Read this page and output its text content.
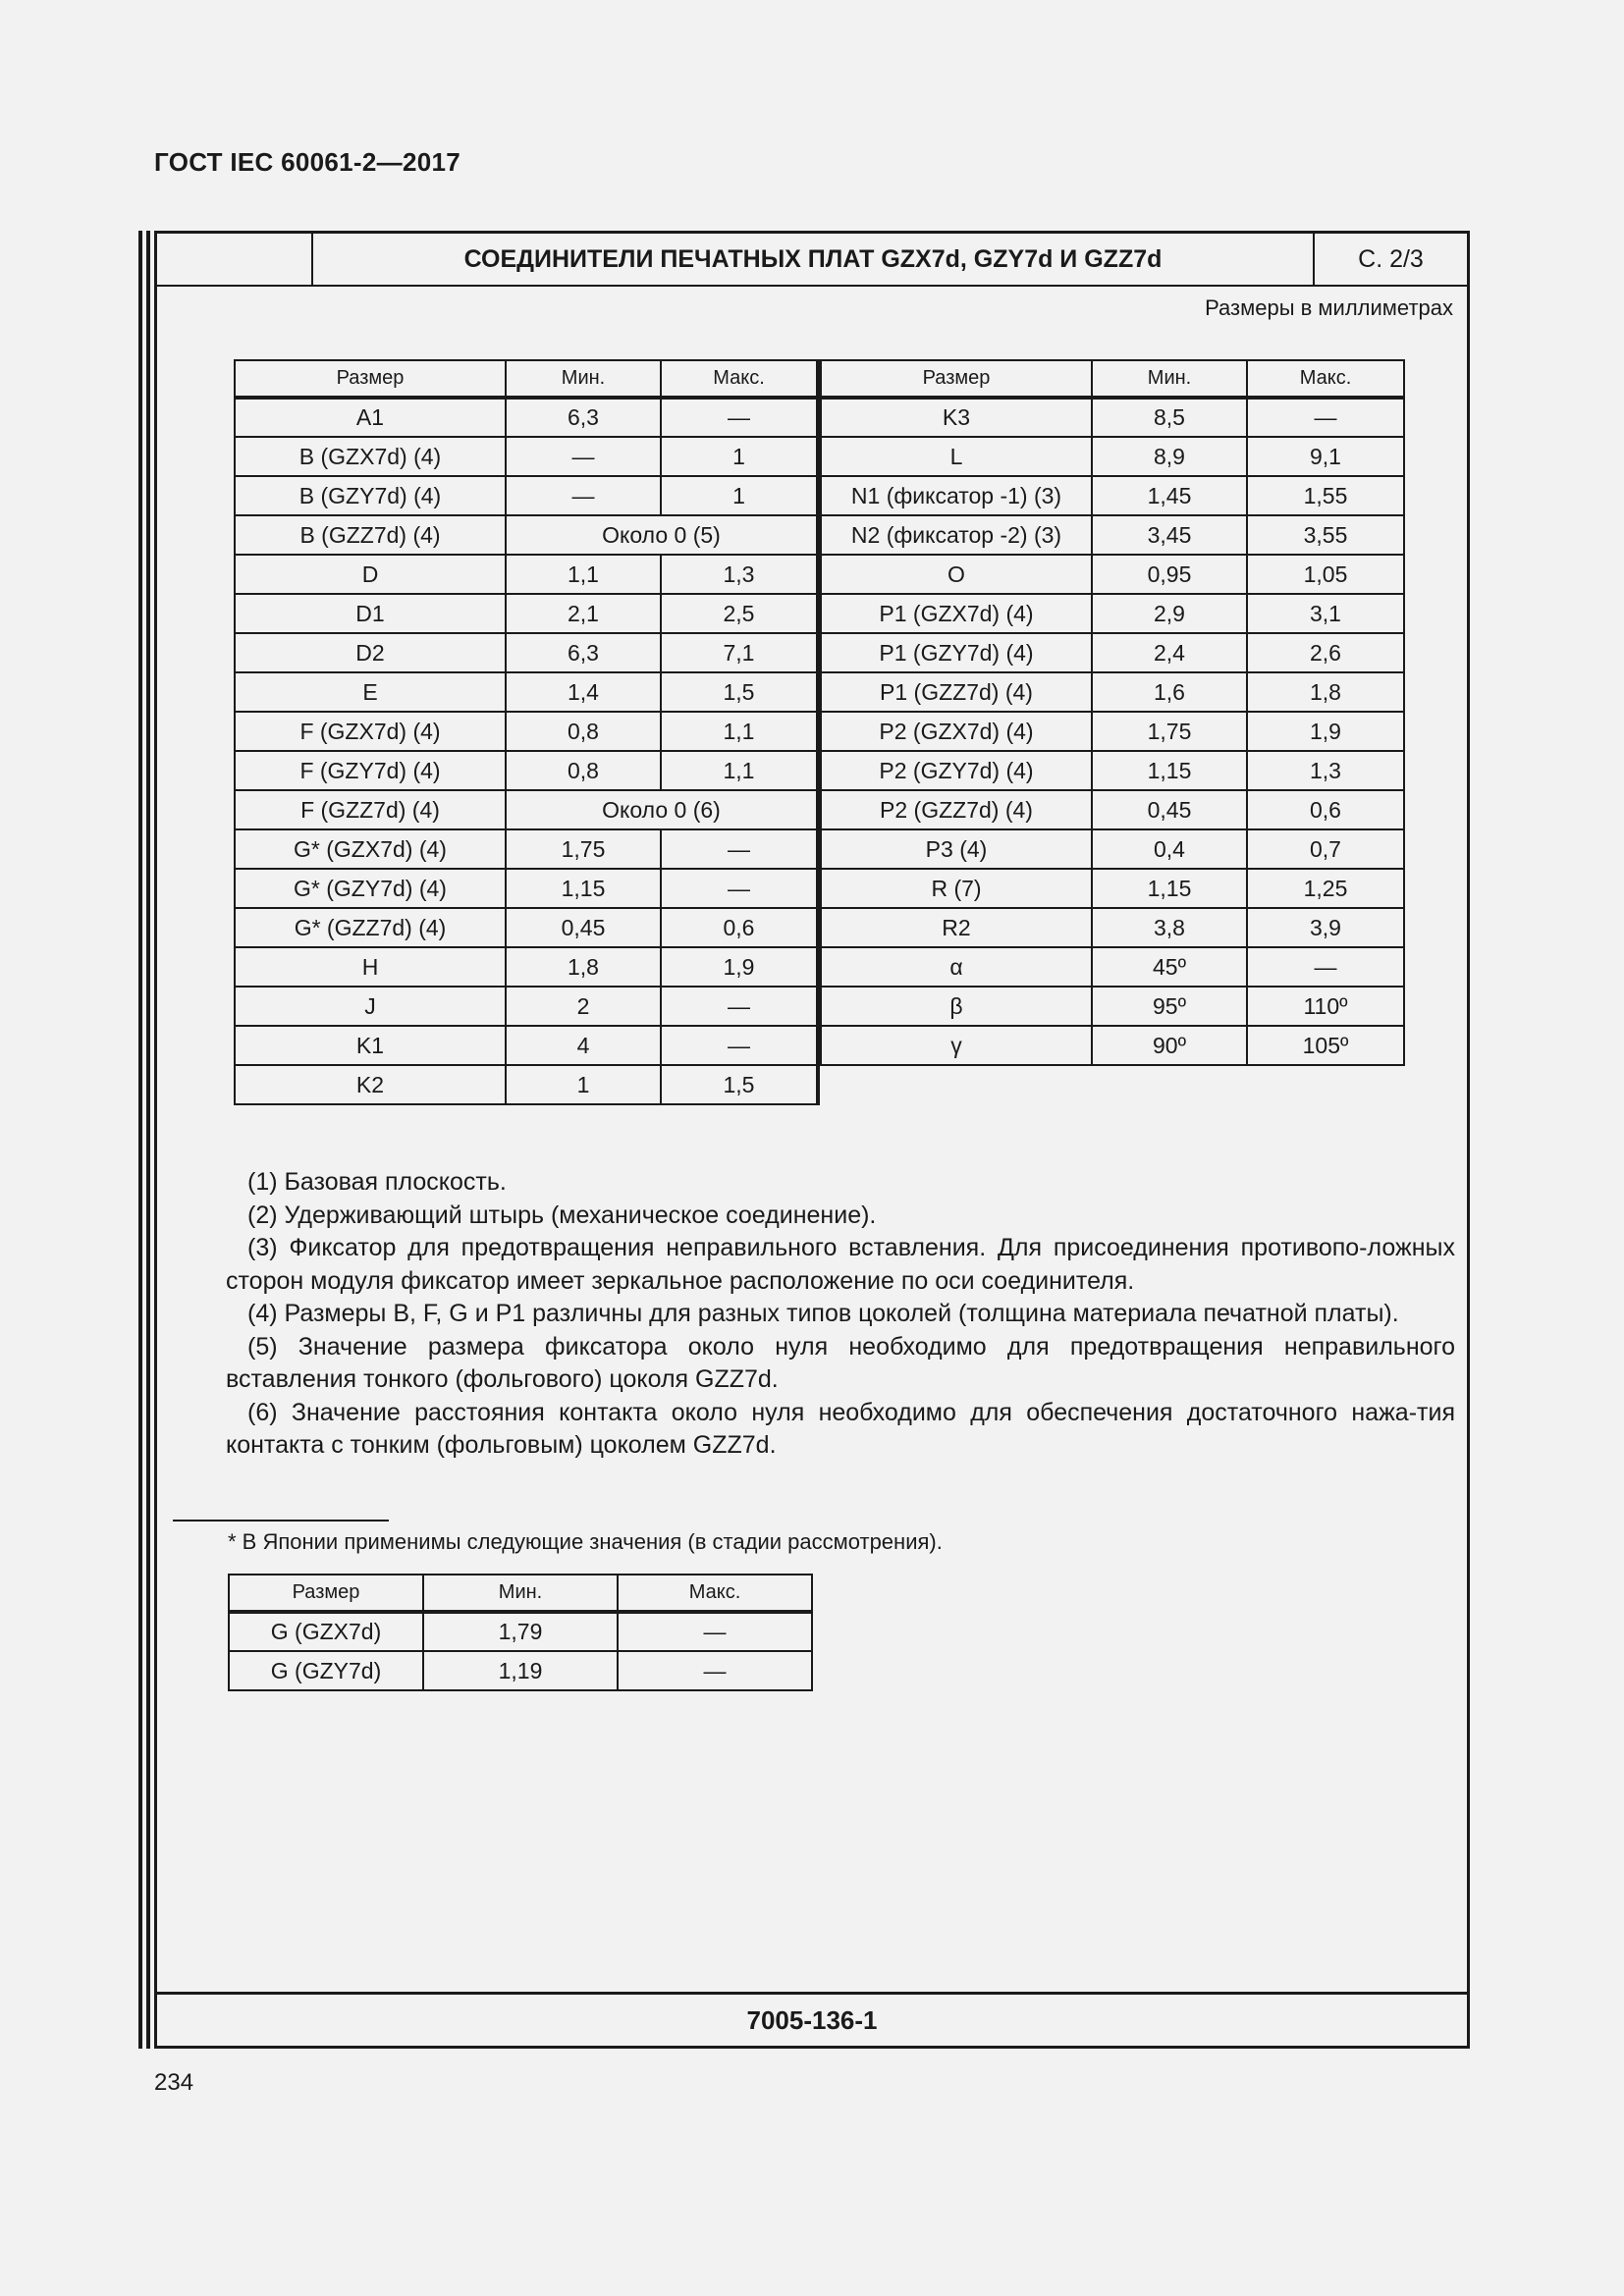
ГОСТ IEC 60061-2—2017
СОЕДИНИТЕЛИ ПЕЧАТНЫХ ПЛАТ GZX7d, GZY7d И GZZ7d	С. 2/3
Размеры в миллиметрах
Размер	Мин.	Макс.
A1	6,3	—
B (GZX7d) (4)	—	1
B (GZY7d) (4)	—	1
B (GZZ7d) (4)	Около 0 (5)	
D	1,1	1,3
D1	2,1	2,5
D2	6,3	7,1
E	1,4	1,5
F (GZX7d) (4)	0,8	1,1
F (GZY7d) (4)	0,8	1,1
F (GZZ7d) (4)	Около 0 (6)	
G* (GZX7d) (4)	1,75	—
G* (GZY7d) (4)	1,15	—
G* (GZZ7d) (4)	0,45	0,6
H	1,8	1,9
J	2	—
K1	4	—
K2	1	1,5
Размер	Мин.	Макс.
K3	8,5	—
L	8,9	9,1
N1 (фиксатор -1) (3)	1,45	1,55
N2 (фиксатор -2) (3)	3,45	3,55
O	0,95	1,05
P1 (GZX7d) (4)	2,9	3,1
P1 (GZY7d) (4)	2,4	2,6
P1 (GZZ7d) (4)	1,6	1,8
P2 (GZX7d) (4)	1,75	1,9
P2 (GZY7d) (4)	1,15	1,3
P2 (GZZ7d) (4)	0,45	0,6
P3 (4)	0,4	0,7
R (7)	1,15	1,25
R2	3,8	3,9
α	45º	—
β	95º	110º
γ	90º	105º

(1) Базовая плоскость.

(2) Удерживающий штырь (механическое соединение).

(3) Фиксатор для предотвращения неправильного вставления. Для присоединения противопо-ложных сторон модуля фиксатор имеет зеркальное расположение по оси соединителя.

(4) Размеры B, F, G и P1 различны для разных типов цоколей (толщина материала печатной платы).

(5) Значение размера фиксатора около нуля необходимо для предотвращения неправильного вставления тонкого (фольгового) цоколя GZZ7d.

(6) Значение расстояния контакта около нуля необходимо для обеспечения достаточного нажа-тия контакта с тонким (фольговым) цоколем GZZ7d.

* В Японии применимы следующие значения (в стадии рассмотрения).
Размер	Мин.	Макс.
G (GZX7d)	1,79	—
G (GZY7d)	1,19	—
7005-136-1
234
